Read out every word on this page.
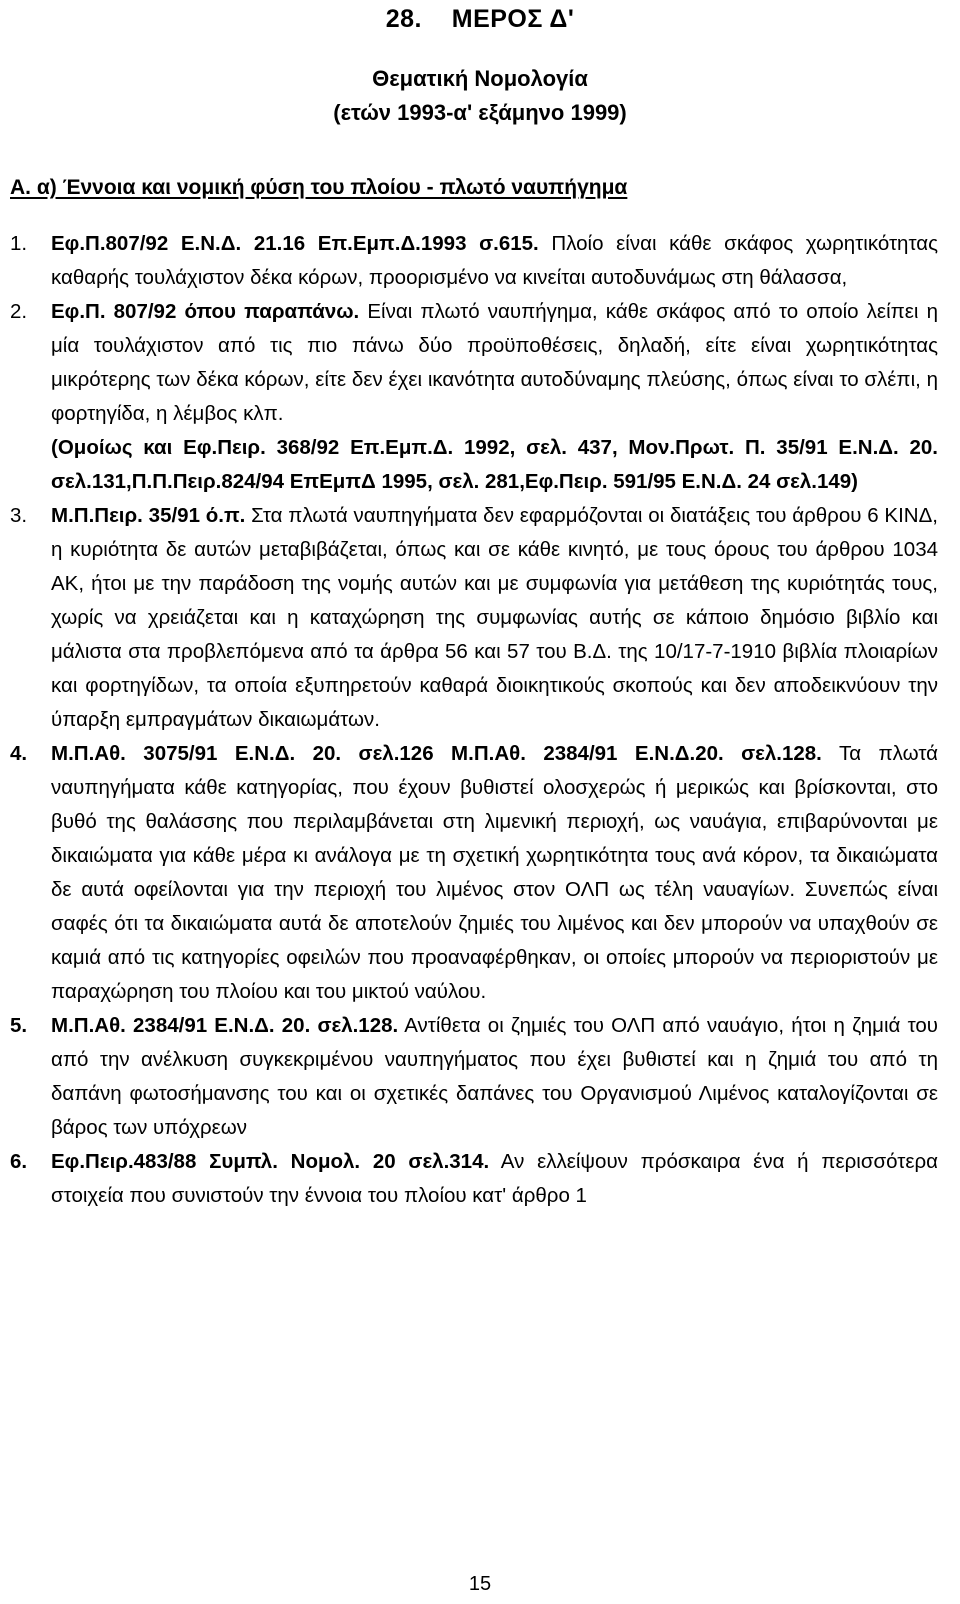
28.    ΜΕΡΟΣ Δ'
Θεματική Νομολογία
(ετών 1993-α' εξάμηνο 1999)
Α. α) Έννοια και νομική φύση του πλοίου - πλωτό ναυπήγημα
1.	Εφ.Π.807/92 Ε.Ν.Δ. 21.16 Επ.Εμπ.Δ.1993 σ.615. Πλοίο είναι κάθε σκάφος χωρητικότητας καθαρής τουλάχιστον δέκα κόρων, προορισμένο να κινείται αυτοδυνάμως στη θάλασσα,
2.	Εφ.Π. 807/92 όπου παραπάνω. Είναι πλωτό ναυπήγημα, κάθε σκάφος από το οποίο λείπει η μία τουλάχιστον από τις πιο πάνω δύο προϋποθέσεις, δηλαδή, είτε είναι χωρητικότητας μικρότερης των δέκα κόρων, είτε δεν έχει ικανότητα αυτοδύναμης πλεύσης, όπως είναι το σλέπι, η φορτηγίδα, η λέμβος κλπ.
(Ομοίως και Εφ.Πειρ. 368/92 Επ.Εμπ.Δ. 1992, σελ. 437, Μον.Πρωτ. Π. 35/91 Ε.Ν.Δ. 20. σελ.131,Π.Π.Πειρ.824/94 ΕπΕμπΔ 1995, σελ. 281,Εφ.Πειρ. 591/95 Ε.Ν.Δ. 24 σελ.149)
3.	Μ.Π.Πειρ. 35/91 ό.π. Στα πλωτά ναυπηγήματα δεν εφαρμόζονται οι διατάξεις του άρθρου 6 ΚΙΝΔ, η κυριότητα δε αυτών μεταβιβάζεται, όπως και σε κάθε κινητό, με τους όρους του άρθρου 1034 ΑΚ, ήτοι με την παράδοση της νομής αυτών και με συμφωνία για μετάθεση της κυριότητάς τους, χωρίς να χρειάζεται και η καταχώρηση της συμφωνίας αυτής σε κάποιο δημόσιο βιβλίο και μάλιστα στα προβλεπόμενα από τα άρθρα 56 και 57 του Β.Δ. της 10/17-7-1910 βιβλία πλοιαρίων και φορτηγίδων, τα οποία εξυπηρετούν καθαρά διοικητικούς σκοπούς και δεν αποδεικνύουν την ύπαρξη εμπραγμάτων δικαιωμάτων.
4.	Μ.Π.Αθ. 3075/91 Ε.Ν.Δ. 20. σελ.126 Μ.Π.Αθ. 2384/91 Ε.Ν.Δ.20. σελ.128. Τα πλωτά ναυπηγήματα κάθε κατηγορίας, που έχουν βυθιστεί ολοσχερώς ή μερικώς και βρίσκονται, στο βυθό της θαλάσσης που περιλαμβάνεται στη λιμενική περιοχή, ως ναυάγια, επιβαρύνονται με δικαιώματα για κάθε μέρα κι ανάλογα με τη σχετική χωρητικότητα τους ανά κόρον, τα δικαιώματα δε αυτά οφείλονται για την περιοχή του λιμένος στον ΟΛΠ ως τέλη ναυαγίων. Συνεπώς είναι σαφές ότι τα δικαιώματα αυτά δε αποτελούν ζημιές του λιμένος και δεν μπορούν να υπαχθούν σε καμιά από τις κατηγορίες οφειλών που προαναφέρθηκαν, οι οποίες μπορούν να περιοριστούν με παραχώρηση του πλοίου και του μικτού ναύλου.
5.	Μ.Π.Αθ. 2384/91 Ε.Ν.Δ. 20. σελ.128. Αντίθετα οι ζημιές του ΟΛΠ από ναυάγιο, ήτοι η ζημιά του από την ανέλκυση συγκεκριμένου ναυπηγήματος που έχει βυθιστεί και η ζημιά του από τη δαπάνη φωτοσήμανσης του και οι σχετικές δαπάνες του Οργανισμού Λιμένος καταλογίζονται σε βάρος των υπόχρεων
6.	Εφ.Πειρ.483/88 Συμπλ. Νομολ. 20 σελ.314. Αν ελλείψουν πρόσκαιρα ένα ή περισσότερα στοιχεία που συνιστούν την έννοια του πλοίου κατ' άρθρο 1
15
